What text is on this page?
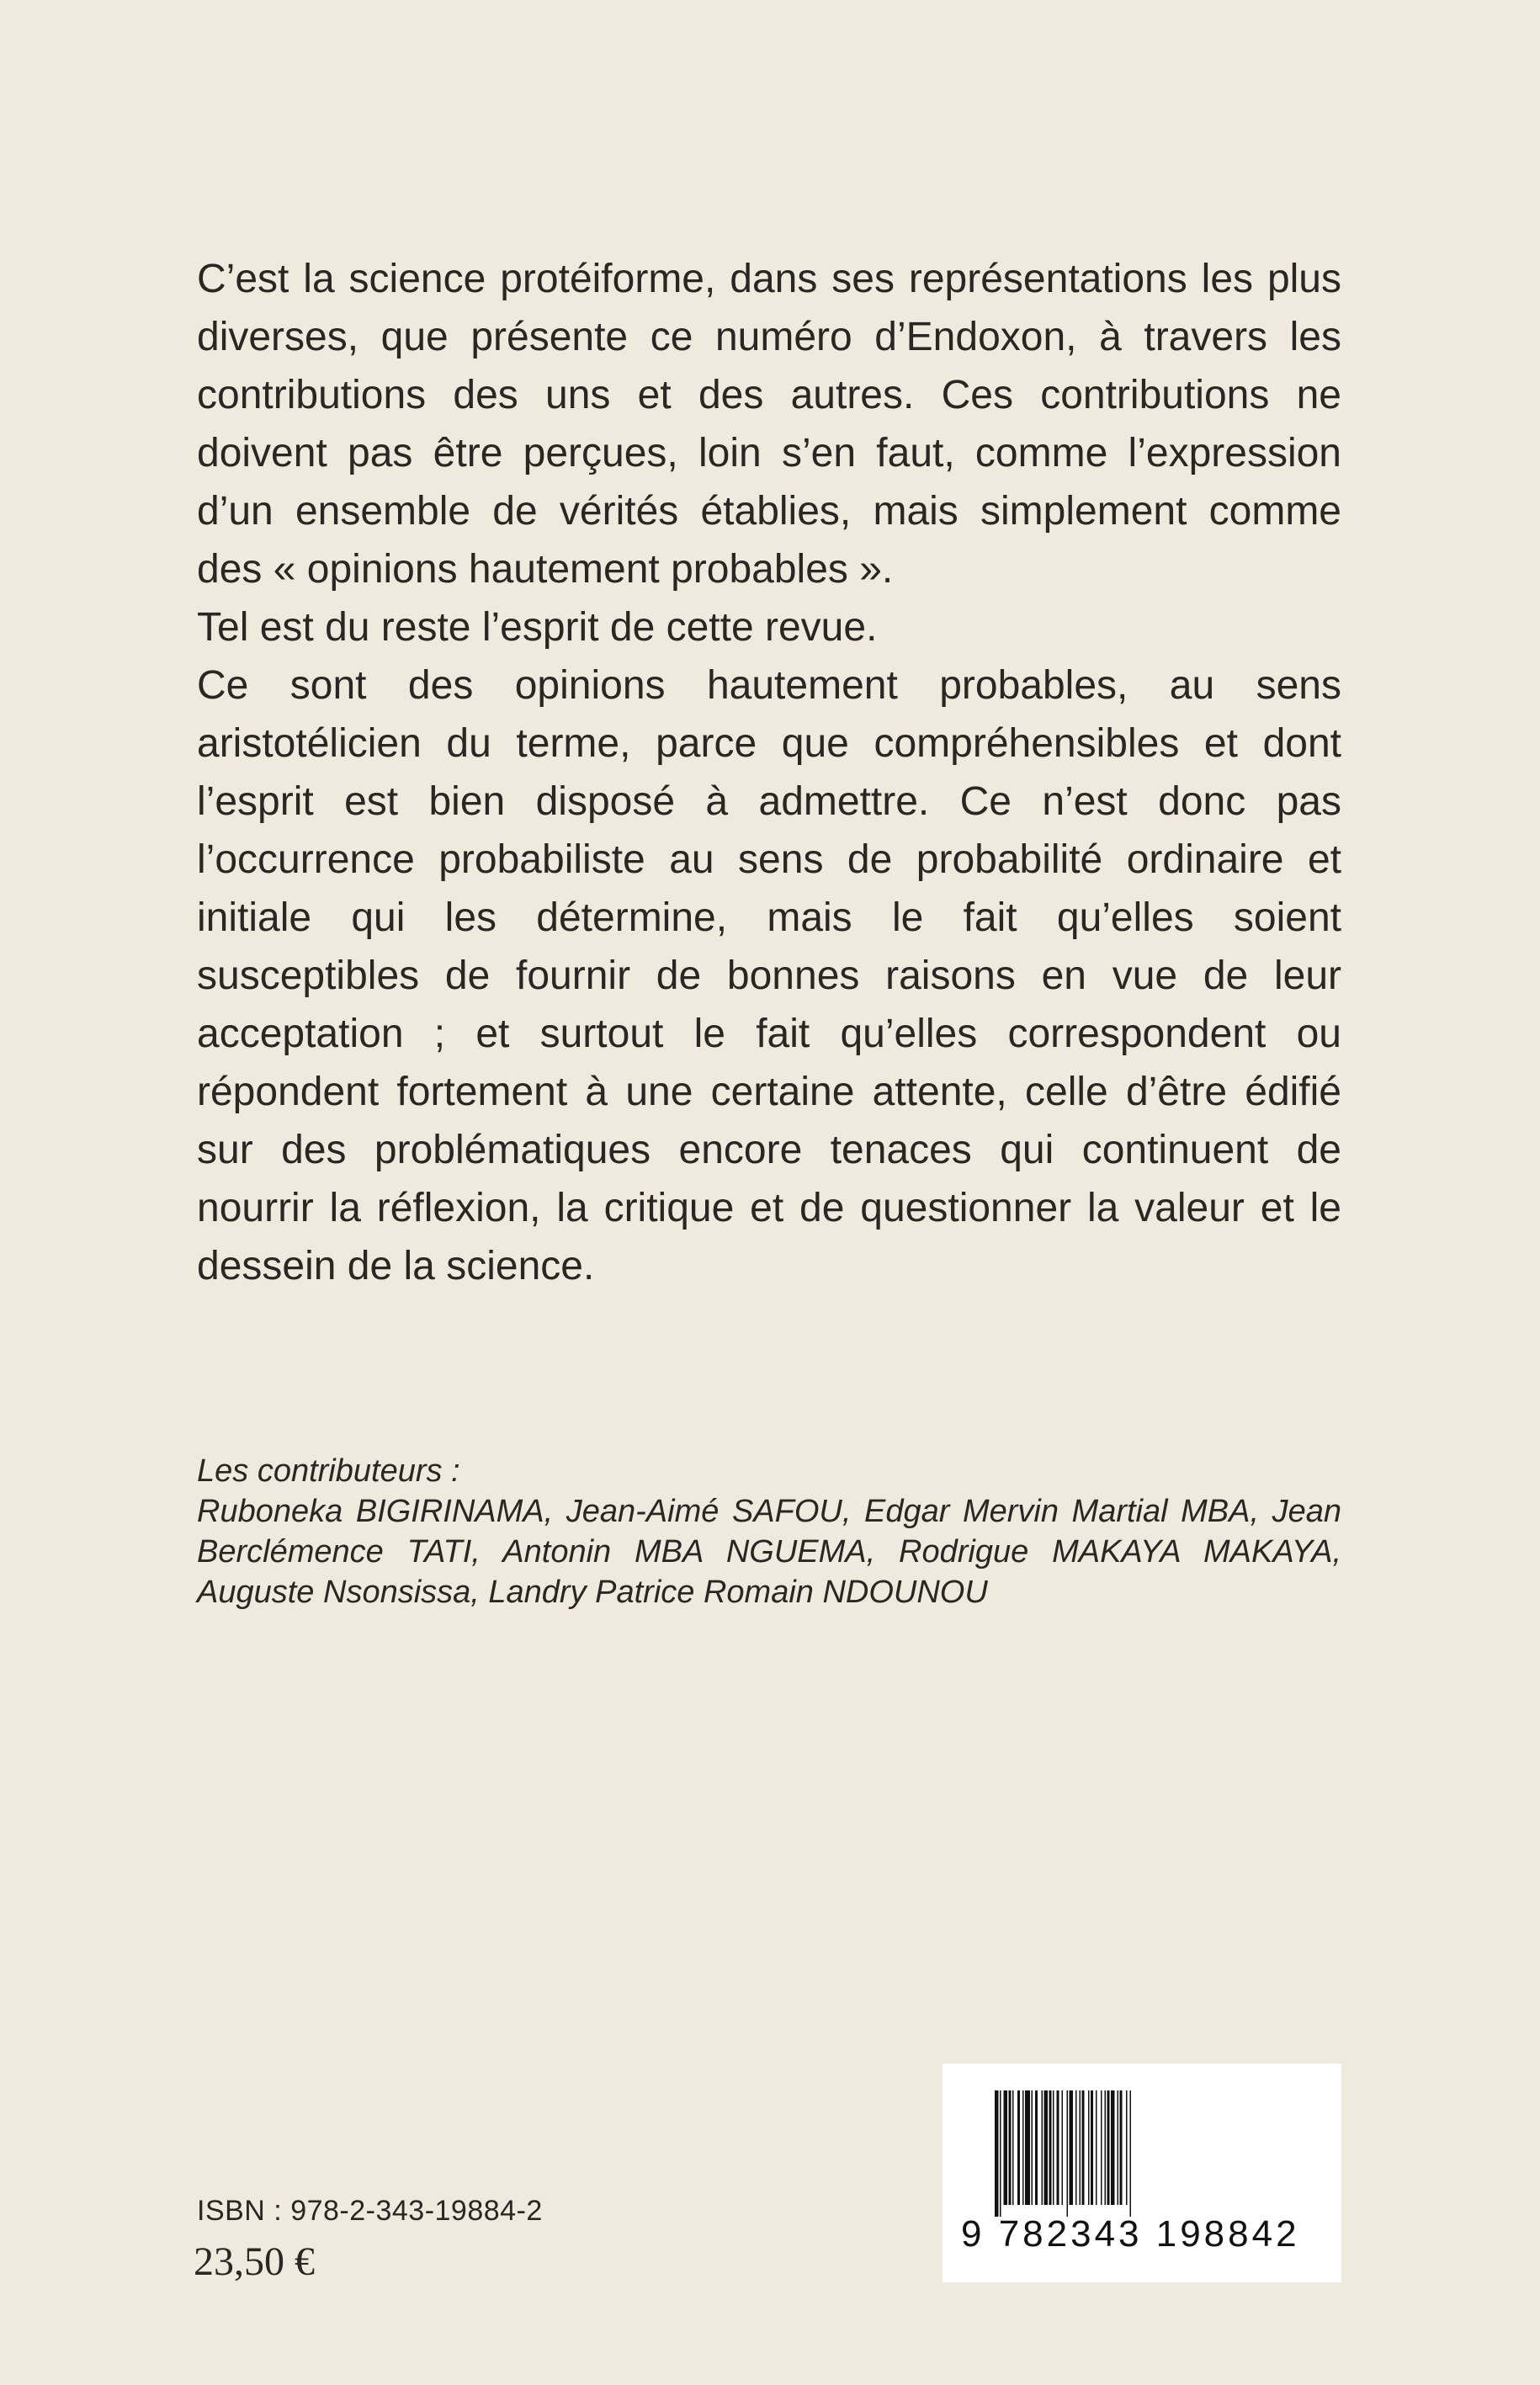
C’est la science protéiforme, dans ses représentations les plus diverses, que présente ce numéro d’Endoxon, à travers les contributions des uns et des autres. Ces contributions ne doivent pas être perçues, loin s’en faut, comme l’expression d’un ensemble de vérités établies, mais simplement comme des « opinions hautement probables ».

Tel est du reste l’esprit de cette revue.

Ce sont des opinions hautement probables, au sens aristotélicien du terme, parce que compréhensibles et dont l’esprit est bien disposé à admettre. Ce n’est donc pas l’occurrence probabiliste au sens de probabilité ordinaire et initiale qui les détermine, mais le fait qu’elles soient susceptibles de fournir de bonnes raisons en vue de leur acceptation ; et surtout le fait qu’elles correspondent ou répondent fortement à une certaine attente, celle d’être édifié sur des problématiques encore tenaces qui continuent de nourrir la réflexion, la critique et de questionner la valeur et le dessein de la science.

Les contributeurs :

Ruboneka BIGIRINAMA, Jean-Aimé SAFOU, Edgar Mervin Martial MBA, Jean Berclémence TATI, Antonin MBA NGUEMA, Rodrigue MAKAYA MAKAYA, Auguste Nsonsissa, Landry Patrice Romain NDOUNOU

ISBN : 978-2-343-19884-2
23,50 €
9 782343 198842
